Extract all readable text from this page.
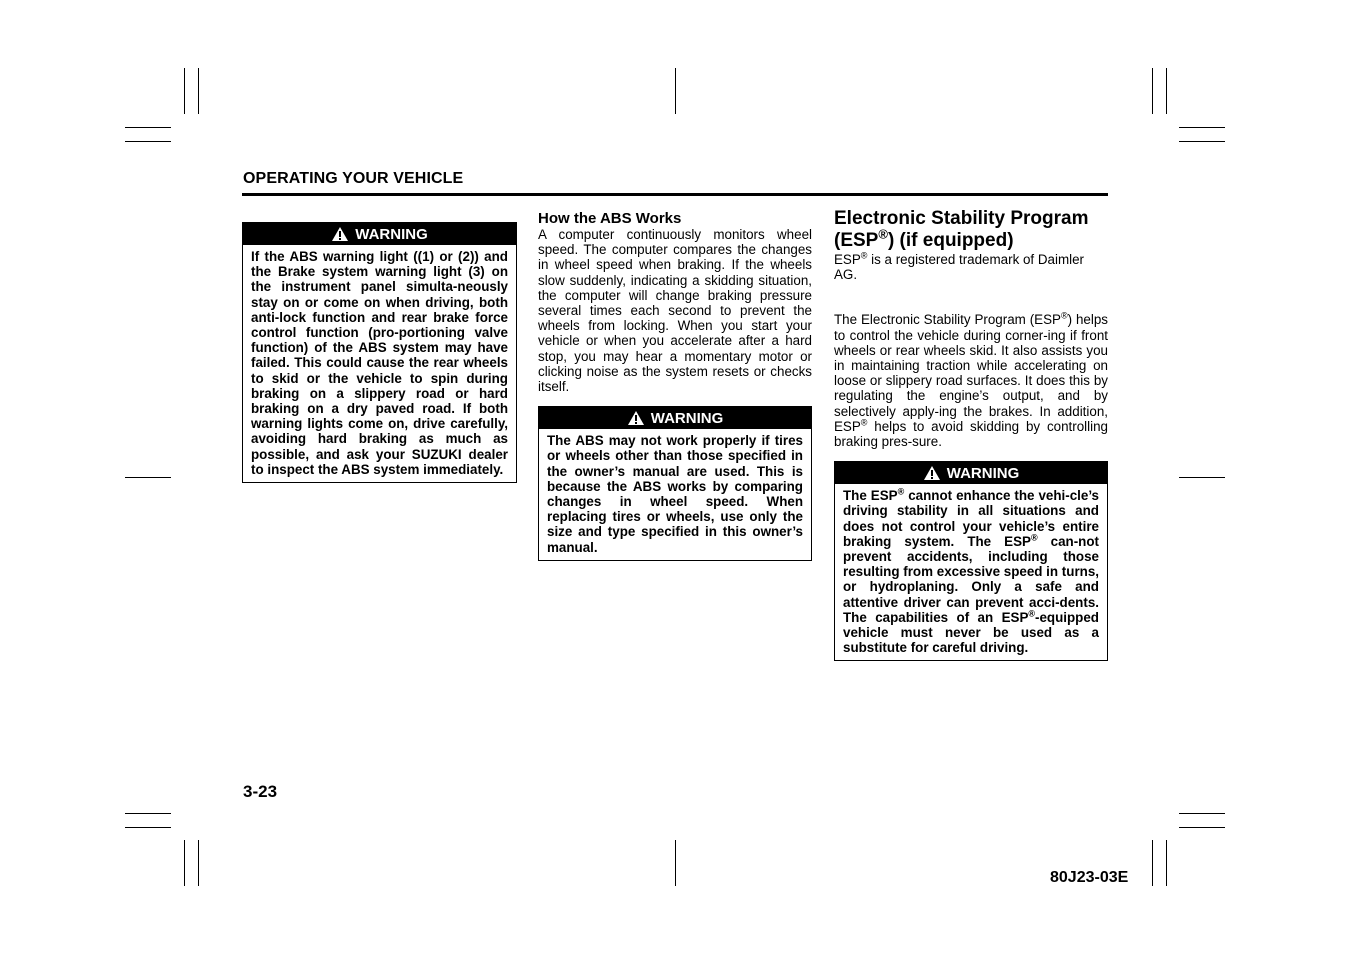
OPERATING YOUR VEHICLE
WARNING
If the ABS warning light ((1) or (2)) and the Brake system warning light (3) on the instrument panel simulta-neously stay on or come on when driving, both anti-lock function and rear brake force control function (pro-portioning valve function) of the ABS system may have failed. This could cause the rear wheels to skid or the vehicle to spin during braking on a slippery road or hard braking on a dry paved road. If both warning lights come on, drive carefully, avoiding hard braking as much as possible, and ask your SUZUKI dealer to inspect the ABS system immediately.
How the ABS Works
A computer continuously monitors wheel speed. The computer compares the changes in wheel speed when braking. If the wheels slow suddenly, indicating a skidding situation, the computer will change braking pressure several times each second to prevent the wheels from locking. When you start your vehicle or when you accelerate after a hard stop, you may hear a momentary motor or clicking noise as the system resets or checks itself.
WARNING
The ABS may not work properly if tires or wheels other than those specified in the owner’s manual are used. This is because the ABS works by comparing changes in wheel speed. When replacing tires or wheels, use only the size and type specified in this owner’s manual.
Electronic Stability Program (ESP®) (if equipped)
ESP® is a registered trademark of Daimler AG.
The Electronic Stability Program (ESP®) helps to control the vehicle during corner-ing if front wheels or rear wheels skid. It also assists you in maintaining traction while accelerating on loose or slippery road surfaces. It does this by regulating the engine’s output, and by selectively apply-ing the brakes. In addition, ESP® helps to avoid skidding by controlling braking pres-sure.
WARNING
The ESP® cannot enhance the vehi-cle’s driving stability in all situations and does not control your vehicle’s entire braking system. The ESP® can-not prevent accidents, including those resulting from excessive speed in turns, or hydroplaning. Only a safe and attentive driver can prevent acci-dents. The capabilities of an ESP®-equipped vehicle must never be used as a substitute for careful driving.
3-23
80J23-03E
